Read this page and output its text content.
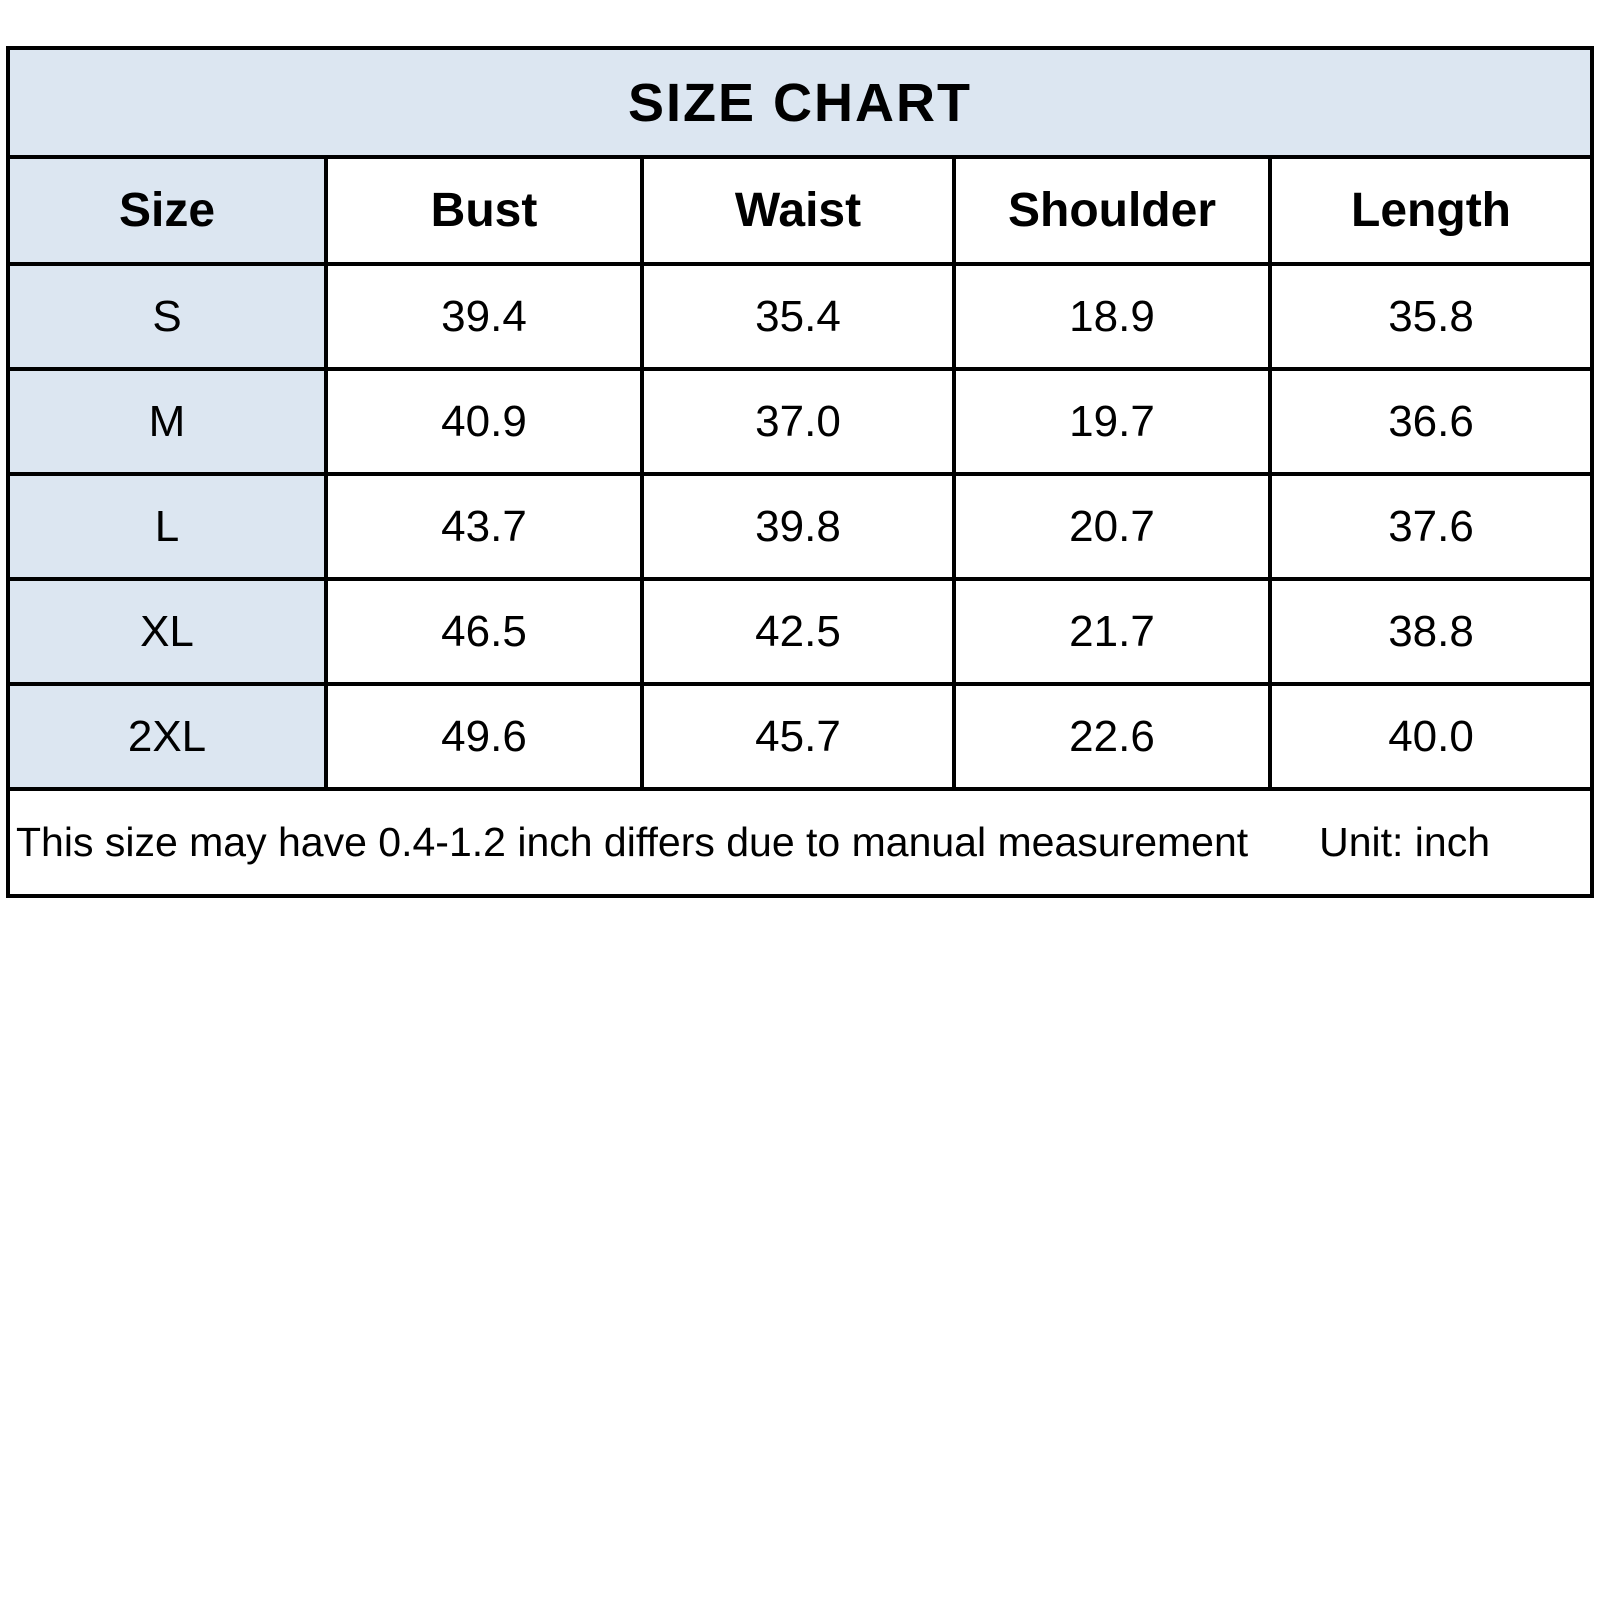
SIZE CHART				
Size	Bust	Waist	Shoulder	Length
S	39.4	35.4	18.9	35.8
M	40.9	37.0	19.7	36.6
L	43.7	39.8	20.7	37.6
XL	46.5	42.5	21.7	38.8
2XL	49.6	45.7	22.6	40.0

This size may have 0.4-1.2 inch differs due to manual measurement Unit: inch				
